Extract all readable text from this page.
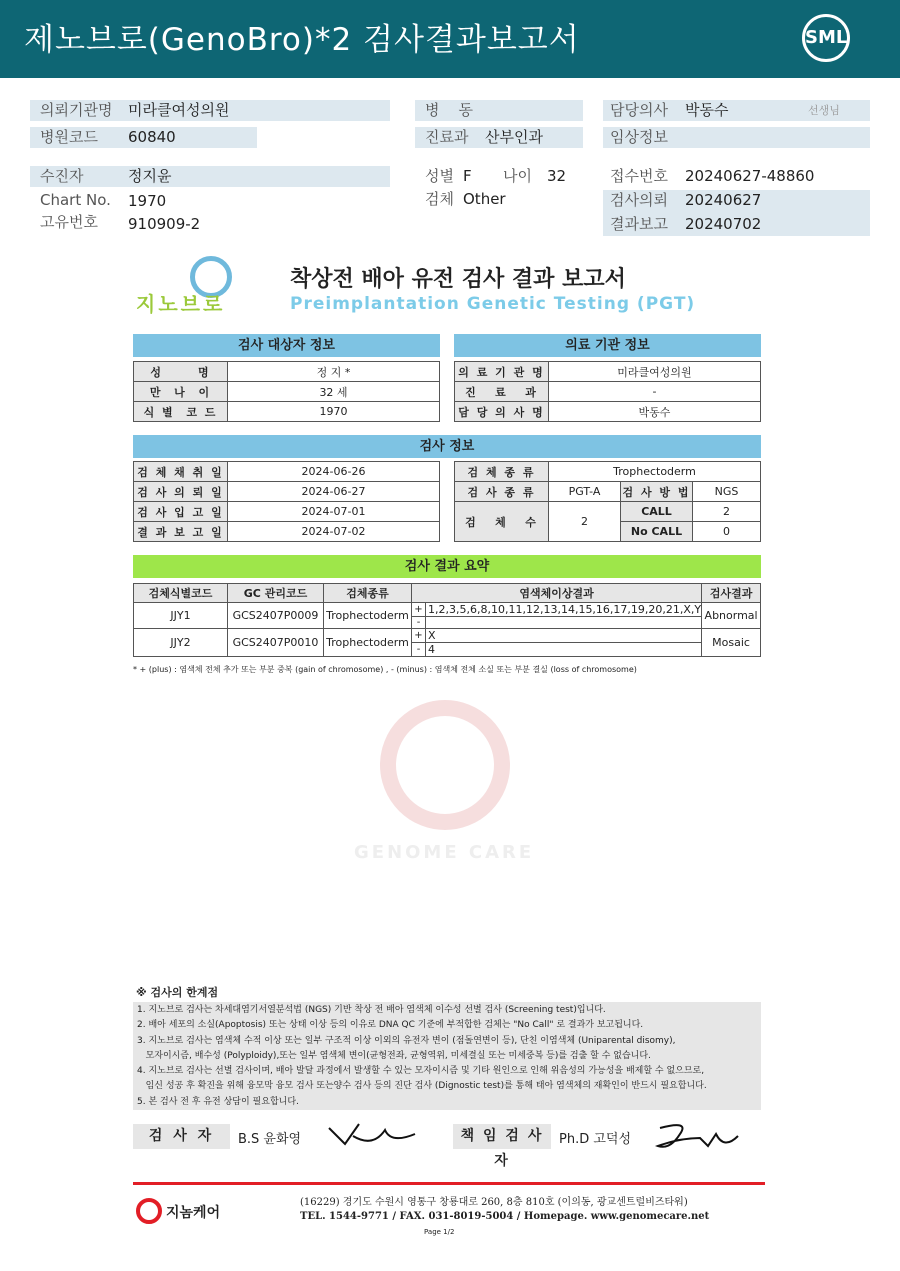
제노브로(GenoBro)*2 검사결과보고서	SML
의뢰기관명 미라클여성의원	병    동	담당의사 박동수	선생님
병원코드 60840	진료과 산부인과	임상정보
수진자	정지윤	성별 F 나이 32	접수번호 20240627-48860
Chart No. 1970	검체 Other	검사의뢰 20240627
고유번호 910909-2	결과보고 20240702
지노브로
착상전 배아 유전 검사 결과 보고서
Preimplantation Genetic Testing (PGT)
검사 대상자 정보
성      명	정 지 *
만  나  이	32 세
식 별  코 드	1970
의료 기관 정보
의 료 기 관 명	미라클여성의원
진   료   과	-
담 당 의 사 명	박동수
검사 정보
검 체 채 취 일	2024-06-26
검 사 의 뢰 일	2024-06-27
검 사 입 고 일	2024-07-01
결 과 보 고 일	2024-07-02
검 체 종 류	Trophectoderm		
검 사 종 류	PGT-A	검 사 방 법	NGS
검   체   수	2	CALL	2
		No CALL	0
검사 결과 요약
검체식별코드	GC 관리코드	검체종류	염색체이상결과		검사결과
JJY1	GCS2407P0009	Trophectoderm	+	1,2,3,5,6,8,10,11,12,13,14,15,16,17,19,20,21,X,Y	Abnormal
			-		
JJY2	GCS2407P0010	Trophectoderm	+	X	Mosaic
			-	4	
* + (plus) : 염색체 전체 추가 또는 부분 중복 (gain of chromosome) , - (minus) : 염색체 전체 소실 또는 부분 결실 (loss of chromosome)
GENOME CARE
※ 검사의 한계점
1. 지노브로 검사는 차세대염기서열분석법 (NGS) 기반 착상 전 배아 염색체 이수성 선별 검사 (Screening test)입니다.
2. 배아 세포의 소실(Apoptosis) 또는 상태 이상 등의 이유로 DNA QC 기준에 부적합한 검체는 "No Call" 로 결과가 보고됩니다.
3. 지노브로 검사는 염색체 수적 이상 또는 일부 구조적 이상 이외의 유전자 변이 (점돌연변이 등), 단친 이염색체 (Uniparental disomy),
모자이시즘, 배수성 (Polyploidy),또는 일부 염색체 변이(균형전좌, 균형역위, 미세결실 또는 미세중복 등)를 검출 할 수 없습니다.
4. 지노브로 검사는 선별 검사이며, 배아 발달 과정에서 발생할 수 있는 모자이시즘 및 기타 원인으로 인해 위음성의 가능성을 배제할 수 없으므로,
임신 성공 후 확진을 위해 융모막 융모 검사 또는양수 검사 등의 진단 검사 (Dignostic test)를 통해 태아 염색체의 재확인이 반드시 필요합니다.
5. 본 검사 전 후 유전 상담이 필요합니다.
검 사 자	B.S 윤화영	책 임 검 사 자
Ph.D 고덕성
지놈케어
(16229) 경기도 수원시 영통구 창룡대로 260, 8층 810호 (이의동, 광교센트럴비즈타워)
TEL. 1544-9771 / FAX. 031-8019-5004 / Homepage. www.genomecare.net
Page 1/2
